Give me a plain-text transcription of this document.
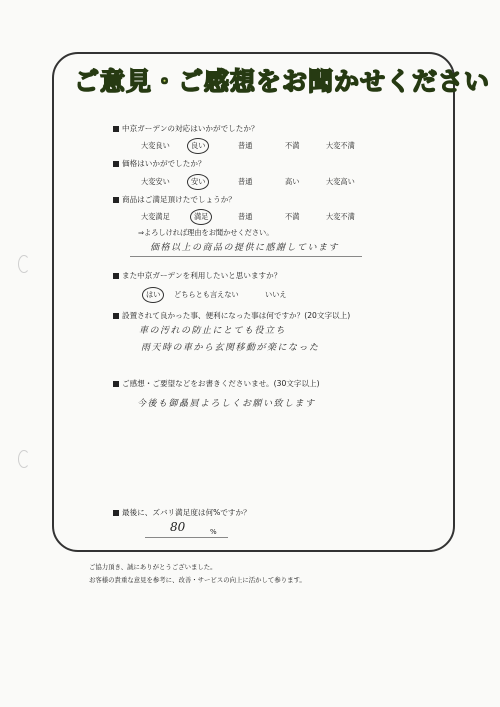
ご意見・ご感想をお聞かせください
中京ガーデンの対応はいかがでしたか？
大変良い	良い	普通	不満	大変不満
価格はいかがでしたか？
大変安い	安い	普通	高い	大変高い
商品はご満足頂けたでしょうか？
大変満足	満足	普通	不満	大変不満
⇒よろしければ理由をお聞かせください。
価格以上の商品の提供に感謝しています
また中京ガーデンを利用したいと思いますか？
はい どちらとも言えない	いいえ
設置されて良かった事、便利になった事は何ですか？(20文字以上)
車の汚れの防止にとても役立ち
雨天時の車から玄関移動が楽になった
ご感想・ご要望などをお書きくださいませ。(30文字以上)
今後も御贔屓よろしくお願い致します
最後に、ズバリ満足度は何%ですか？
80	%
ご協力頂き、誠にありがとうございました。
お客様の貴重な意見を参考に、改善・サービスの向上に活かして参ります。
